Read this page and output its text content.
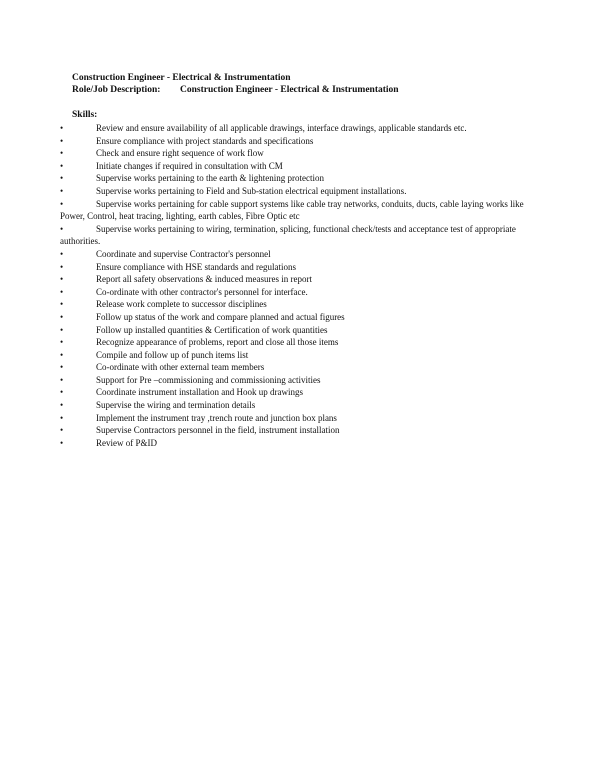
Construction Engineer - Electrical & Instrumentation
Role/Job Description:	Construction Engineer - Electrical & Instrumentation
Skills:
•	Review and ensure availability of all applicable drawings, interface drawings, applicable standards etc.
•	Ensure compliance with project standards and specifications
•	Check and ensure right sequence of work flow
•	Initiate changes if required in consultation with CM
•	Supervise works pertaining to the earth & lightening protection
•	Supervise works pertaining to Field and Sub-station electrical equipment installations.
•	Supervise works pertaining for cable support systems like cable tray networks, conduits, ducts, cable laying works like Power, Control, heat tracing, lighting, earth cables, Fibre Optic etc
•	Supervise works pertaining to wiring, termination, splicing, functional check/tests and acceptance test of appropriate authorities.
•	Coordinate and supervise Contractor's personnel
•	Ensure compliance with HSE standards and regulations
•	Report all safety observations & induced measures in report
•	Co-ordinate with other contractor's personnel for interface.
•	Release work complete to successor disciplines
•	Follow up status of the work and compare planned and actual figures
•	Follow up installed quantities & Certification of work quantities
•	Recognize appearance of problems, report and close all those items
•	Compile and follow up of punch items list
•	Co-ordinate with other external team members
•	Support for Pre –commissioning and commissioning activities
•	Coordinate instrument installation and Hook up drawings
•	Supervise the wiring and termination details
•	Implement the instrument tray ,trench route and junction box plans
•	Supervise Contractors personnel in the field, instrument installation
•	Review of P&ID
